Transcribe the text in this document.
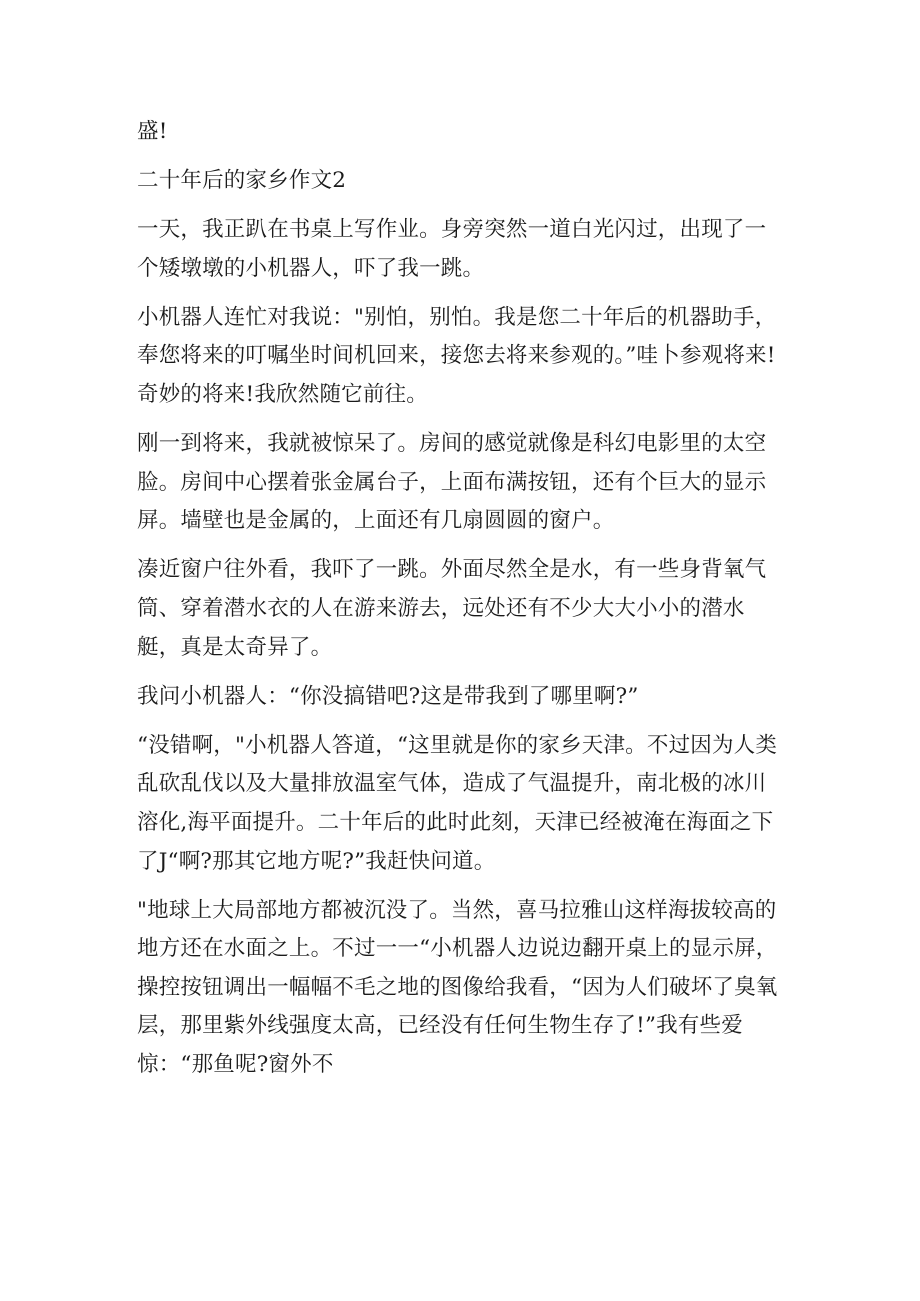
盛!

二十年后的家乡作文2

一天，我正趴在书桌上写作业。身旁突然一道白光闪过，出现了一个矮墩墩的小机器人，吓了我一跳。

小机器人连忙对我说："别怕，别怕。我是您二十年后的机器助手，奉您将来的叮嘱坐时间机回来，接您去将来参观的。”哇卜参观将来!奇妙的将来!我欣然随它前往。

刚一到将来，我就被惊呆了。房间的感觉就像是科幻电影里的太空脸。房间中心摆着张金属台子，上面布满按钮，还有个巨大的显示屏。墙壁也是金属的，上面还有几扇圆圆的窗户。

凑近窗户往外看，我吓了一跳。外面尽然全是水，有一些身背氧气筒、穿着潜水衣的人在游来游去，远处还有不少大大小小的潜水艇，真是太奇异了。

我问小机器人：“你没搞错吧?这是带我到了哪里啊?”

“没错啊，"小机器人答道，“这里就是你的家乡天津。不过因为人类乱砍乱伐以及大量排放温室气体，造成了气温提升，南北极的冰川溶化,海平面提升。二十年后的此时此刻，天津已经被淹在海面之下了J“啊?那其它地方呢?”我赶快问道。

"地球上大局部地方都被沉没了。当然，喜马拉雅山这样海拔较高的地方还在水面之上。不过一一“小机器人边说边翻开桌上的显示屏，操控按钮调出一幅幅不毛之地的图像给我看，“因为人们破坏了臭氧层，那里紫外线强度太高，已经没有任何生物生存了!”我有些爱惊：“那鱼呢?窗外不
